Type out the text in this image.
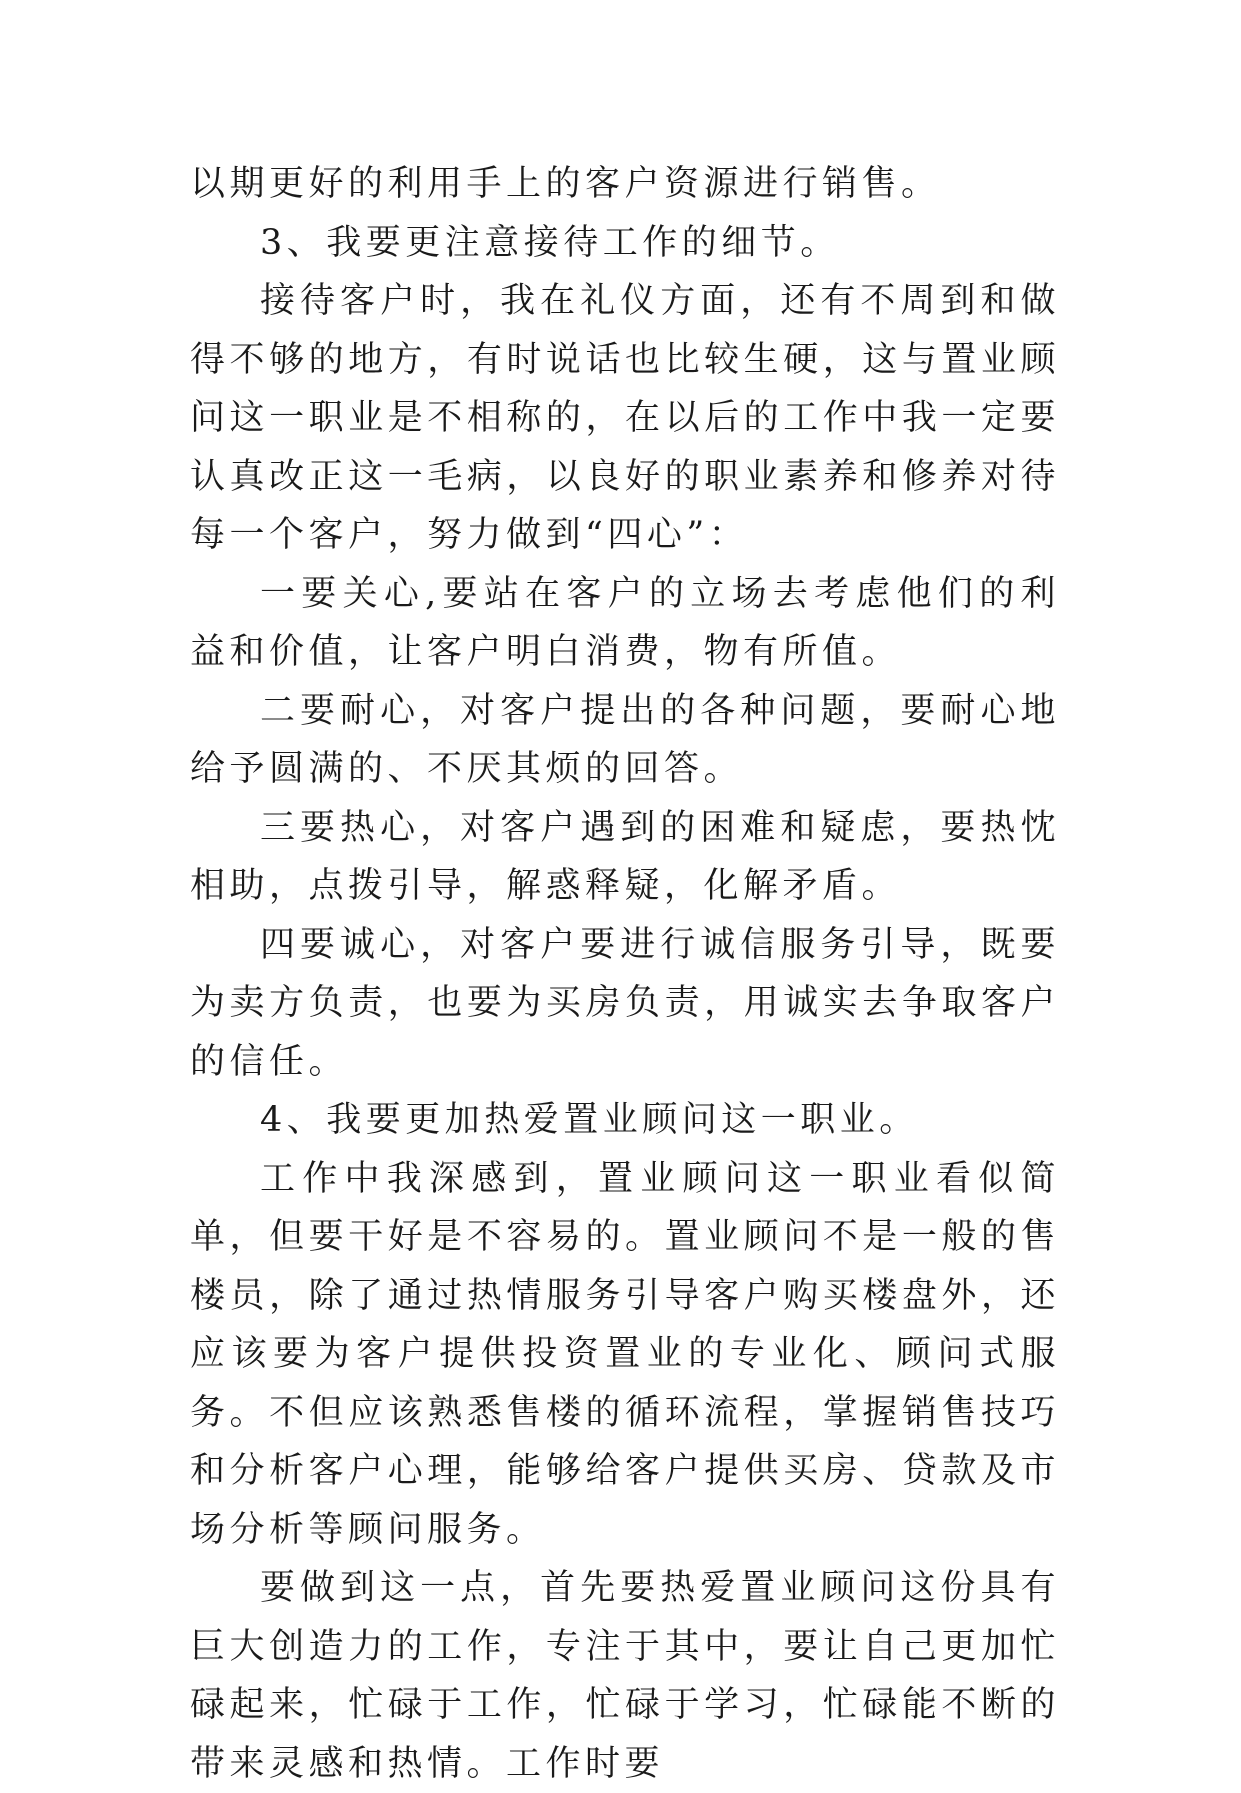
以期更好的利用手上的客户资源进行销售。

3、我要更注意接待工作的细节。

接待客户时，我在礼仪方面，还有不周到和做得不够的地方，有时说话也比较生硬，这与置业顾问这一职业是不相称的，在以后的工作中我一定要认真改正这一毛病，以良好的职业素养和修养对待每一个客户，努力做到“四心”：

一要关心,要站在客户的立场去考虑他们的利益和价值，让客户明白消费，物有所值。

二要耐心，对客户提出的各种问题，要耐心地给予圆满的、不厌其烦的回答。

三要热心，对客户遇到的困难和疑虑，要热忱相助，点拨引导，解惑释疑，化解矛盾。

四要诚心，对客户要进行诚信服务引导，既要为卖方负责，也要为买房负责，用诚实去争取客户的信任。

4、我要更加热爱置业顾问这一职业。

工作中我深感到，置业顾问这一职业看似简单，但要干好是不容易的。置业顾问不是一般的售楼员，除了通过热情服务引导客户购买楼盘外，还应该要为客户提供投资置业的专业化、顾问式服务。不但应该熟悉售楼的循环流程，掌握销售技巧和分析客户心理，能够给客户提供买房、贷款及市场分析等顾问服务。

要做到这一点，首先要热爱置业顾问这份具有巨大创造力的工作，专注于其中，要让自己更加忙碌起来，忙碌于工作，忙碌于学习，忙碌能不断的带来灵感和热情。工作时要
